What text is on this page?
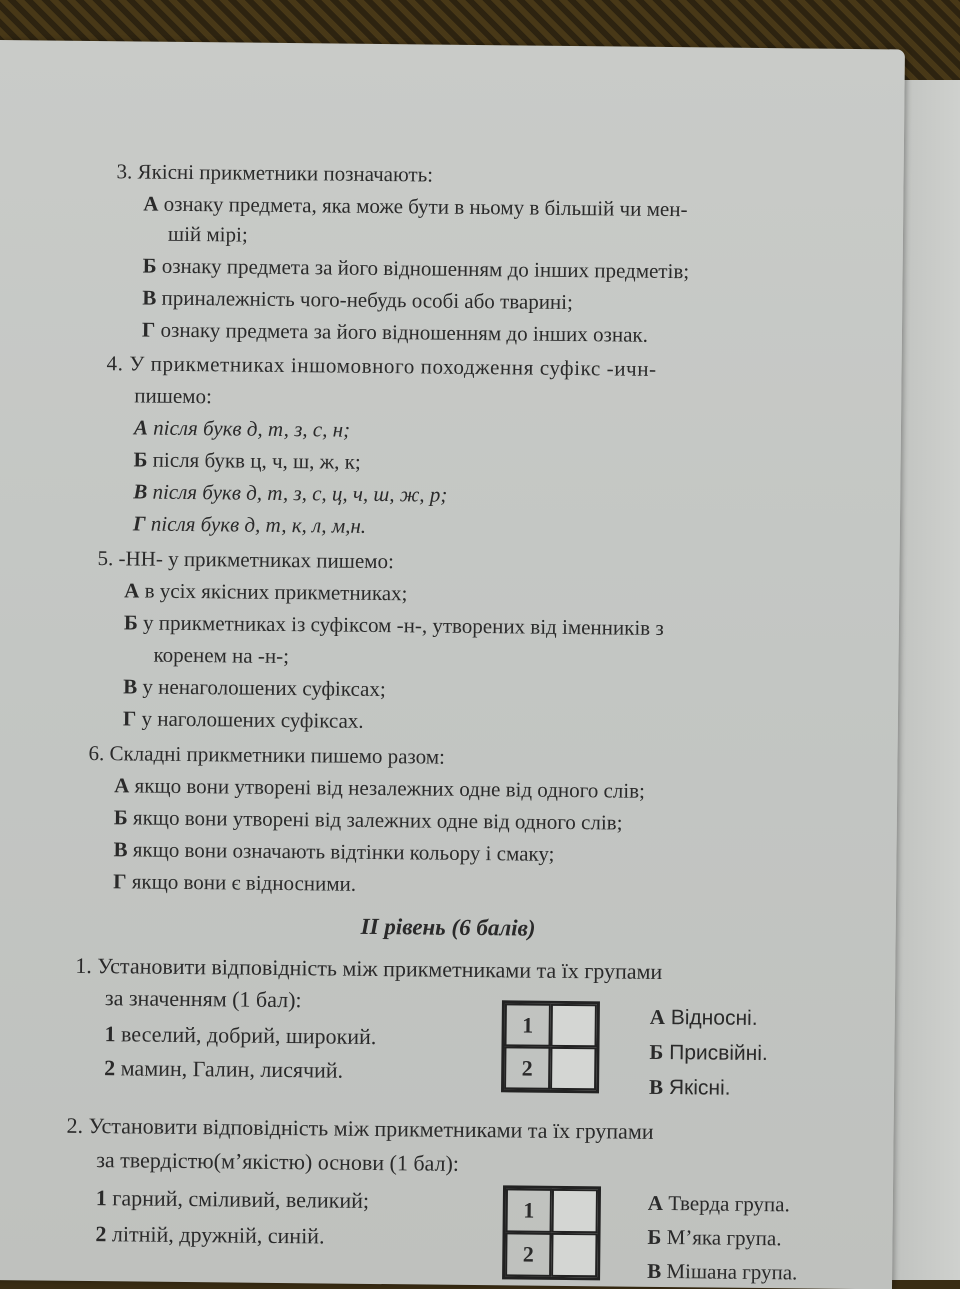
3. Якісні прикметники позначають:
А ознаку предмета, яка може бути в ньому в більшій чи мен-
шій мірі;
Б ознаку предмета за його відношенням до інших предметів;
В приналежність чого-небудь особі або тварині;
Г ознаку предмета за його відношенням до інших ознак.
4. У прикметниках іншомовного походження суфікс -ичн-
пишемо:
А після букв д, т, з, с, н;
Б після букв ц, ч, ш, ж, к;
В після букв д, т, з, с, ц, ч, ш, ж, р;
Г після букв д, т, к, л, м,н.
5. -НН- у прикметниках пишемо:
А в усіх якісних прикметниках;
Б у прикметниках із суфіксом -н-, утворених від іменників з
коренем на -н-;
В у ненаголошених суфіксах;
Г у наголошених суфіксах.
6. Складні прикметники пишемо разом:
А якщо вони утворені від незалежних одне від одного слів;
Б якщо вони утворені від залежних одне від одного слів;
В якщо вони означають відтінки кольору і смаку;
Г якщо вони є відносними.
ІІ рівень (6 балів)
1. Установити відповідність між прикметниками та їх групами
за значенням (1 бал):
1 веселий, добрий, широкий.
2 мамин, Галин, лисячий.
1
2
А Відносні.
Б Присвійні.
В Якісні.
2. Установити відповідність між прикметниками та їх групами
за твердістю(м’якістю) основи (1 бал):
1 гарний, сміливий, великий;
2 літній, дружній, синій.
1
2
А Тверда група.
Б М’яка група.
В Мішана група.
